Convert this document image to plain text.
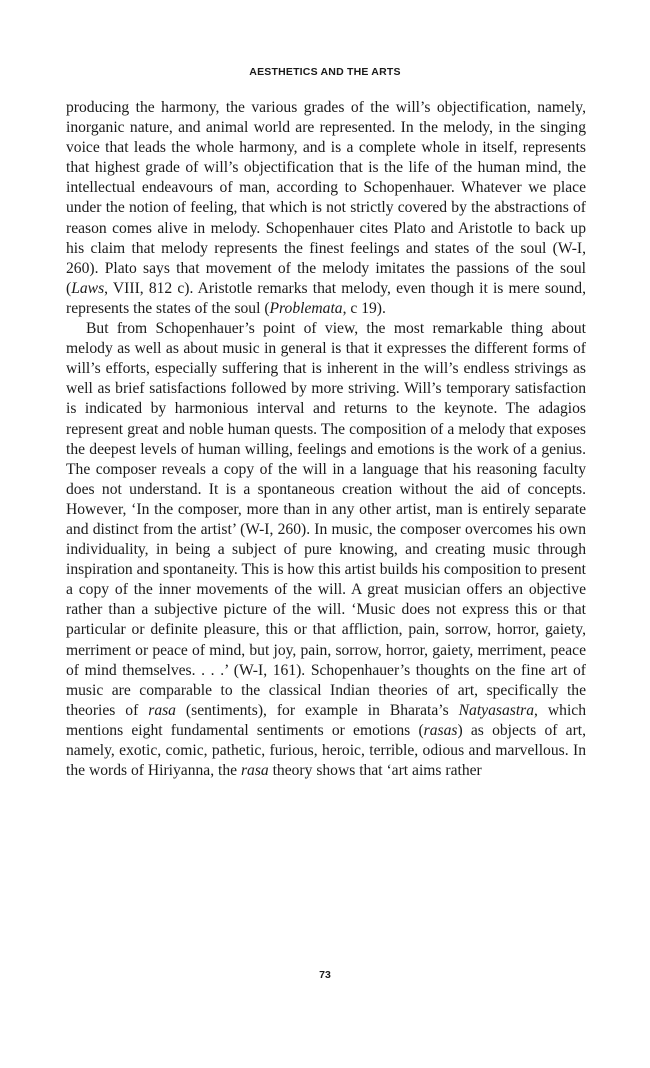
AESTHETICS AND THE ARTS

producing the harmony, the various grades of the will’s objectification, namely, inorganic nature, and animal world are represented. In the melody, in the singing voice that leads the whole harmony, and is a complete whole in itself, represents that highest grade of will’s objectification that is the life of the human mind, the intellectual endeavours of man, according to Schopenhauer. Whatever we place under the notion of feeling, that which is not strictly covered by the abstractions of reason comes alive in melody. Schopenhauer cites Plato and Aristotle to back up his claim that melody represents the finest feelings and states of the soul (W-I, 260). Plato says that movement of the melody imitates the passions of the soul (Laws, VIII, 812 c). Aristotle remarks that melody, even though it is mere sound, represents the states of the soul (Problemata, c 19).

But from Schopenhauer’s point of view, the most remarkable thing about melody as well as about music in general is that it expresses the different forms of will’s efforts, especially suffering that is inherent in the will’s endless strivings as well as brief satisfactions followed by more striving. Will’s temporary satisfaction is indicated by harmonious interval and returns to the keynote. The adagios represent great and noble human quests. The composition of a melody that exposes the deepest levels of human willing, feelings and emotions is the work of a genius. The composer reveals a copy of the will in a language that his reasoning faculty does not understand. It is a spontaneous creation without the aid of concepts. However, ‘In the composer, more than in any other artist, man is entirely separate and distinct from the artist’ (W-I, 260). In music, the composer overcomes his own individuality, in being a subject of pure knowing, and creating music through inspiration and spontaneity. This is how this artist builds his composition to present a copy of the inner movements of the will. A great musician offers an objective rather than a subjective picture of the will. ‘Music does not express this or that particular or definite pleasure, this or that affliction, pain, sorrow, horror, gaiety, merriment or peace of mind, but joy, pain, sorrow, horror, gaiety, merriment, peace of mind themselves. . . .’ (W-I, 161). Schopenhauer’s thoughts on the fine art of music are comparable to the classical Indian theories of art, specifically the theories of rasa (sentiments), for example in Bharata’s Natyasastra, which mentions eight fundamental sentiments or emotions (rasas) as objects of art, namely, exotic, comic, pathetic, furious, heroic, terrible, odious and marvellous. In the words of Hiriyanna, the rasa theory shows that ‘art aims rather

73
